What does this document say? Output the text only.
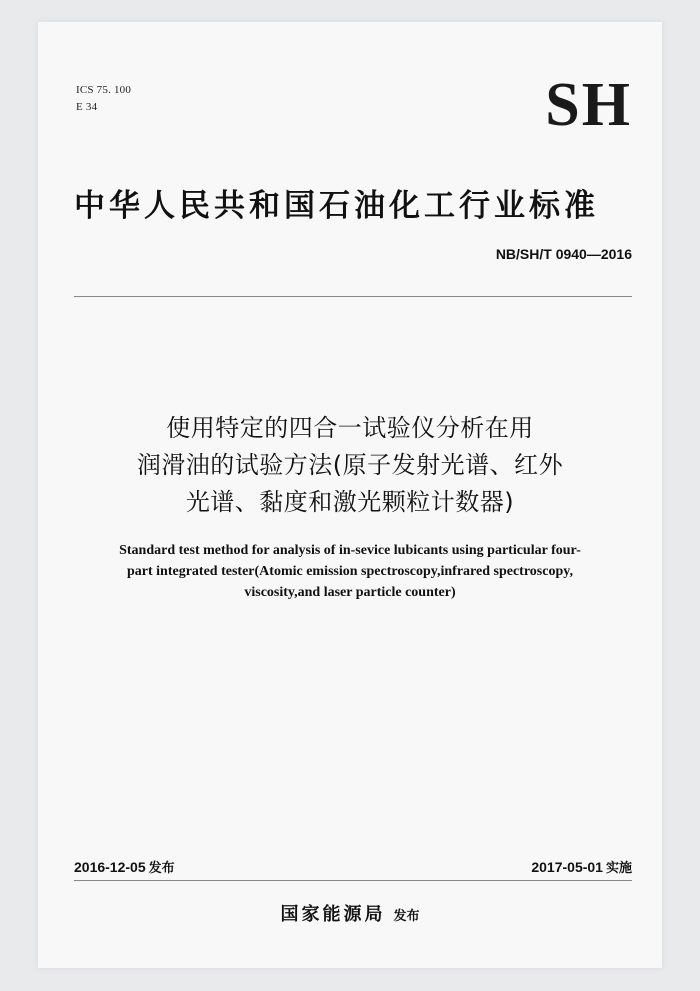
ICS 75. 100
E 34	SH
中华人民共和国石油化工行业标准
NB/SH/T 0940—2016
使用特定的四合一试验仪分析在用
润滑油的试验方法(原子发射光谱、红外
光谱、黏度和激光颗粒计数器)
Standard test method for analysis of in-sevice lubicants using particular four-
part integrated tester(Atomic emission spectroscopy,infrared spectroscopy,
viscosity,and laser particle counter)
2016-12-05 发布	2017-05-01 实施
国家能源局 发布
